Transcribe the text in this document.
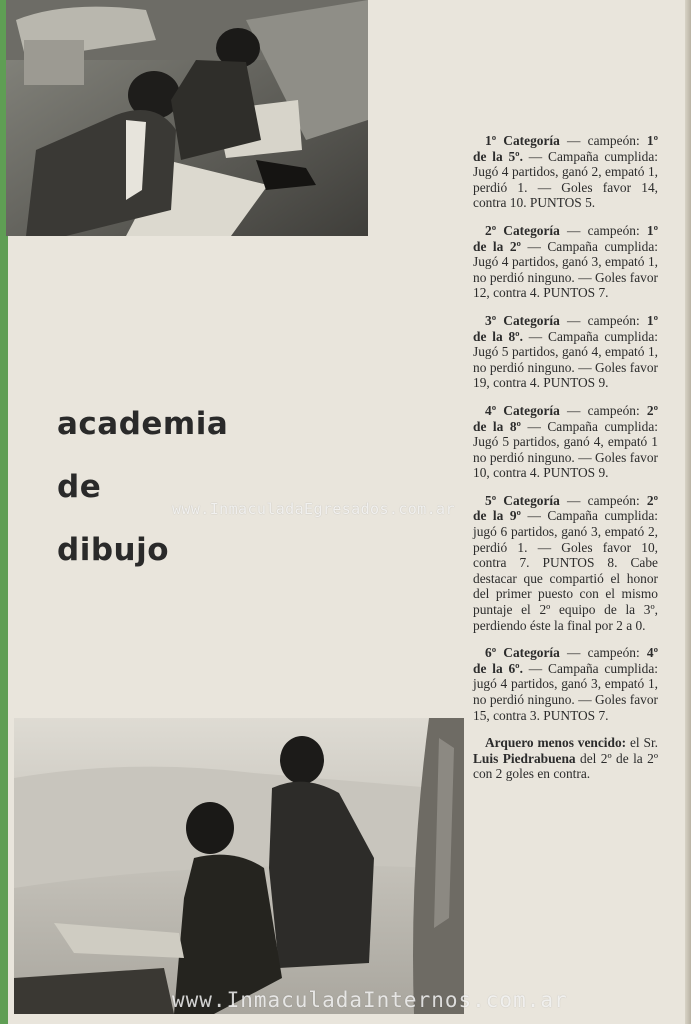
academia
de
dibujo

1º Categoría — campeón: 1º de la 5º. — Campaña cumplida: Jugó 4 partidos, ganó 2, empató 1, perdió 1. — Goles favor 14, contra 10. PUNTOS 5.

2º Categoría — campeón: 1º de la 2º — Campaña cumplida: Jugó 4 partidos, ganó 3, empató 1, no perdió ninguno. — Goles favor 12, contra 4. PUNTOS 7.

3º Categoría — campeón: 1º de la 8º. — Campaña cumplida: Jugó 5 partidos, ganó 4, empató 1, no perdió ninguno. — Goles favor 19, contra 4. PUNTOS 9.

4º Categoría — campeón: 2º de la 8º — Campaña cumplida: Jugó 5 partidos, ganó 4, empató 1 no perdió ninguno. — Goles favor 10, contra 4. PUNTOS 9.

5º Categoría — campeón: 2º de la 9º — Campaña cumplida: jugó 6 partidos, ganó 3, empató 2, perdió 1. — Goles favor 10, contra 7. PUNTOS 8. Cabe destacar que compartió el honor del primer puesto con el mismo puntaje el 2º equipo de la 3º, perdiendo éste la final por 2 a 0.

6º Categoría — campeón: 4º de la 6º. — Campaña cumplida: jugó 4 partidos, ganó 3, empató 1, no perdió ninguno. — Goles favor 15, contra 3. PUNTOS 7.

Arquero menos vencido: el Sr. Luis Piedrabuena del 2º de la 2º con 2 goles en contra.

www.InmaculadaEgresados.com.ar
www.InmaculadaInternos.com.ar
